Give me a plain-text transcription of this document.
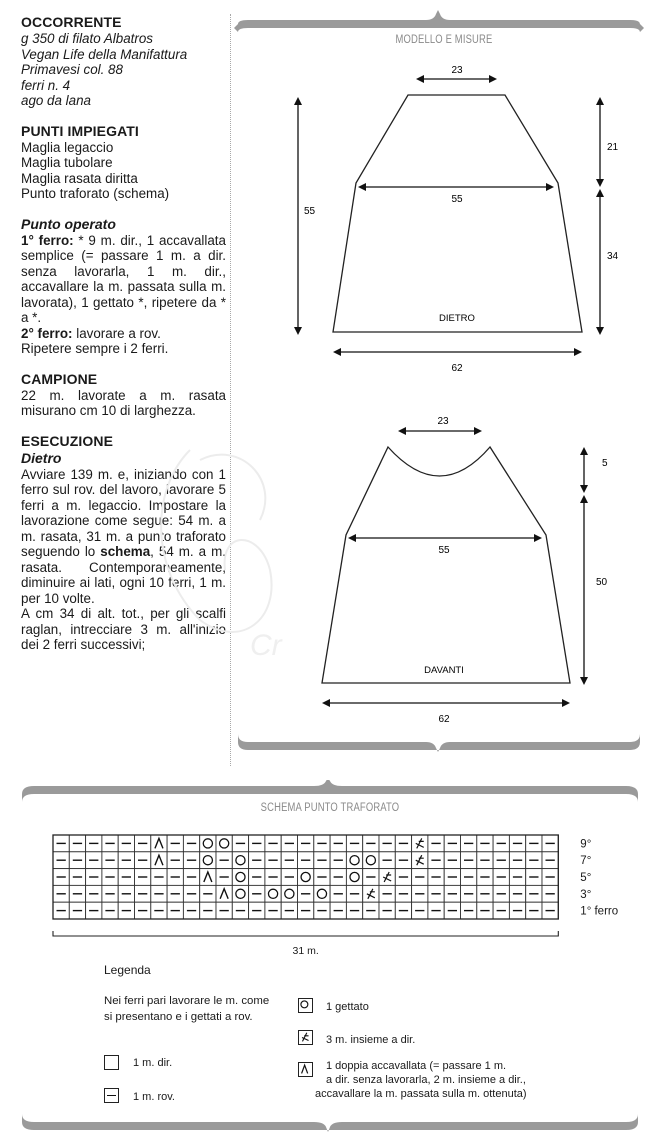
OCCORRENTE
g 350 di filato Albatros
Vegan Life della Manifattura
Primavesi col. 88
ferri n. 4
ago da lana
PUNTI IMPIEGATI
Maglia legaccio
Maglia tubolare
Maglia rasata diritta
Punto traforato (schema)
Punto operato
1° ferro: * 9 m. dir., 1 accavallata semplice (= passare 1 m. a dir. senza lavorarla, 1 m. dir., accavallare la m. passata sulla m. lavorata), 1 gettato *, ripetere da * a *.
2° ferro: lavorare a rov.
Ripetere sempre i 2 ferri.
CAMPIONE
22 m. lavorate a m. rasata misurano cm 10 di larghezza.
ESECUZIONE
Dietro
Avviare 139 m. e, iniziando con 1 ferro sul rov. del lavoro, lavorare 5 ferri a m. legaccio. Impostare la lavorazione come segue: 54 m. a m. rasata, 31 m. a punto traforato seguendo lo schema, 54 m. a m. rasata. Contemporaneamente, diminuire ai lati, ogni 10 ferri, 1 m. per 10 volte.
A cm 34 di alt. tot., per gli scalfi raglan, intrecciare 3 m. all'inizio dei 2 ferri successivi;	Cr
MODELLO E MISURE
23
55
DIETRO
62
55
21
34
23
55
DAVANTI
62
5
50
SCHEMA PUNTO TRAFORATO
9°
7°
5°
3°
1° ferro
31 m.
Legenda
Nei ferri pari lavorare le m. come si presentano e i gettati a rov.
1 m. dir.
1 m. rov.
1 gettato
3 m. insieme a dir.
1 doppia accavallata (= passare 1 m.
a dir. senza lavorarla, 2 m. insieme a dir.,
accavallare la m. passata sulla m. ottenuta)
